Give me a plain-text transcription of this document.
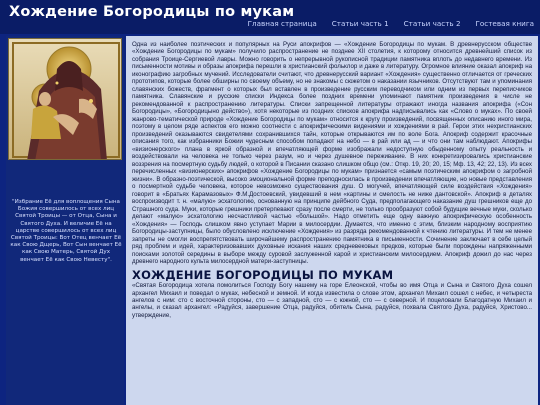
Хождение Богородицы по мукам
Главная страница Статьи часть 1 Статьи часть 2 Гостевая книга
"Избрание Её для воплощения Сына Божия совершилось от всех лиц Святой Троицы — от Отца, Сына и Святого Духа. И величие Её на царстве совершилось от всех лиц Святой Троицы: Вот Отец венчает Её как Свою Дщерь, Вот Сын венчает Её как Свою Матерь, Святой Дух венчает Её как Свою Невесту".

Одна из наиболее поэтических и популярных на Руси апокрифов — «Хождение Богородицы по мукам. В древнерусском обществе «Хождение Богородицы по мукам» получило распространение не позднее XII столетия, к которому относится древнейший список из собрания Троице-Сергиевой лавры. Можно говорить о непрерывной рукописной традиции памятника вплоть до недавнего времени. Из письменности мотивы и образы апокрифа перешли в христианский фольклор и даже в литературу. Огромное влияние оказал апокриф на иконографию загробных мучений. Исследователи считают, что древнерусский вариант «Хождения» существенно отличается от греческих прототипов, которые более обширны по своему объему, но не знакомы с сюжетом о наказании язычников. Отсутствуют там и упоминания славянских божеств, фрагмент о которых был вставлен в произведение русским переводчиком или одним из первых переписчиков памятника. Славянские и русские списки Индекса более поздних времени упоминают памятник произведения в числе не рекомендованной к распространению литературы. Списки запрещенной литературы отражают иногда названия апокрифа («Сон Богородицы», «Богородицыно действо»), хотя некоторые из поздних списков апокрифа надписывались как «Слово о муках». По своей жанрово-тематической природе «Хождение Богородицы по мукам» относится к кругу произведений, посвященных описанию иного мира, поэтому в целом ряде аспектов его можно соотнести с апокрифическими видениями и хождениями в рай. Герои этих нехристианских произведений оказываются свидетелями сохранившихся тайн, которые открываются им по воле Бога. Апокриф содержит красочные описания того, как избранники Божии чудесным способом попадают на небо — в рай или ад — и что они там наблюдают. Апокрифы «визионерского» плана в яркой образной и впечатляющей форме изображали недоступную обыденному опыту реальность и воздействовали на человека не только через разум, но и через душевное переживание. В них конкретизировались христианские воззрения на посмертную судьбу людей, о которой в Писании сказано слишком общо (см.: Откр. 19, 20; 20, 15; Мф. 13, 42; 22, 13). Из всех перечисленных «визионерских» апокрифов «Хождение Богородицы по мукам» признается «самым поэтическим апокрифом о загробной жизни». В образно-поэтической, высоко эмоциональной форме преподносилась в произведении впечатляющие, но новые представления о посмертной судьбе человека, которое невозможно существования душ. О могучей, впечатляющей силе воздействия «Хождения» говорит в «Братьях Карамазовых» Ф.М.Достоевский, увидевший в нем «картины и смелость не ниже дантовской». Апокриф в деталях воспроизводит т. н. «малую» эсхатологию, основанную на принципе дейбного Суда, предполагающего наказание душ грешников еще до Страшного суда. Муки, которые грешники претерпевают сразу после смерти, не только прообразуют собой будущие вечные муки, сколько делают «малую» эсхатологию несчастливой частью «большой». Надо отметить еще одну важную апокрифическую особенность «Хождения» — Господь слишком явно уступает Марии в милосердии. Думается, что именно с этим, близким народному восприятию Богородицы-заступницы, было обусловлено исключение «Хождения» из разряда рекомендованной к чтению литературы. И тем не менее запреты не смогли воспрепятствовать широчайшему распространению памятника в письменности. Сочинение заключает в себе целый ряд проблем и идей, характеризовавших духовные искания наших средневековых предков, которые были порождены напряженными поисками золотой середины в выборе между суровой заслуженной карой и христианским милосердием. Апокриф дожил до нас через древнего народного культа милосердной матери-заступницы.

ХОЖДЕНИЕ БОГОРОДИЦЫ ПО МУКАМ

«Святая Богородица хотела помолиться Господу Богу нашему на горе Елеонской, чтобы во имя Отца и Сына и Святого Духа сошел архангел Михаил и поведал о муках, небесной и земной. И когда известила о слове этом, архангел Михаил сошел с небес, и четыреста ангелов с ним: сто с восточной стороны, сто — с западной, сто — с южной, сто — с северной. И поцеловали Благодатную Михаил и ангелы, и сказал архангел: «Радуйся, завершение Отца, радуйся, обитель Сына, радуйся, похвала Святого Духа, радуйся, Христово... утверждение,
